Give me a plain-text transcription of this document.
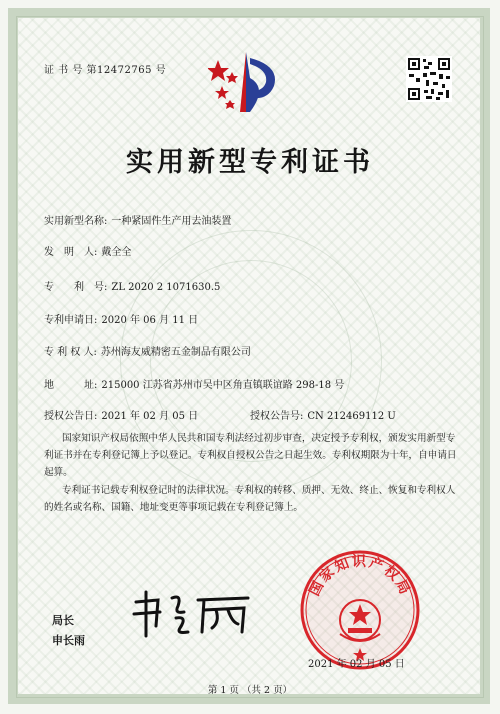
证 书 号 第12472765 号
实用新型专利证书
实用新型名称: 一种紧固件生产用去油装置
发　明　人: 戴全全
专　　利　号: ZL 2020 2 1071630.5
专利申请日: 2020 年 06 月 11 日
专 利 权 人: 苏州海友威精密五金制品有限公司
地　　　址: 215000 江苏省苏州市吴中区角直镇联谊路 298-18 号
授权公告日: 2021 年 02 月 05 日	授权公告号: CN 212469112 U
国家知识产权局依照中华人民共和国专利法经过初步审查，决定授予专利权，颁发实用新型专利证书并在专利登记簿上予以登记。专利权自授权公告之日起生效。专利权期限为十年，自申请日起算。
专利证书记载专利权登记时的法律状况。专利权的转移、质押、无效、终止、恢复和专利权人的姓名或名称、国籍、地址变更等事项记载在专利登记簿上。
局长
申长雨
国家知识产权局
2021 年 02 月 05 日
第 1 页 （共 2 页）
